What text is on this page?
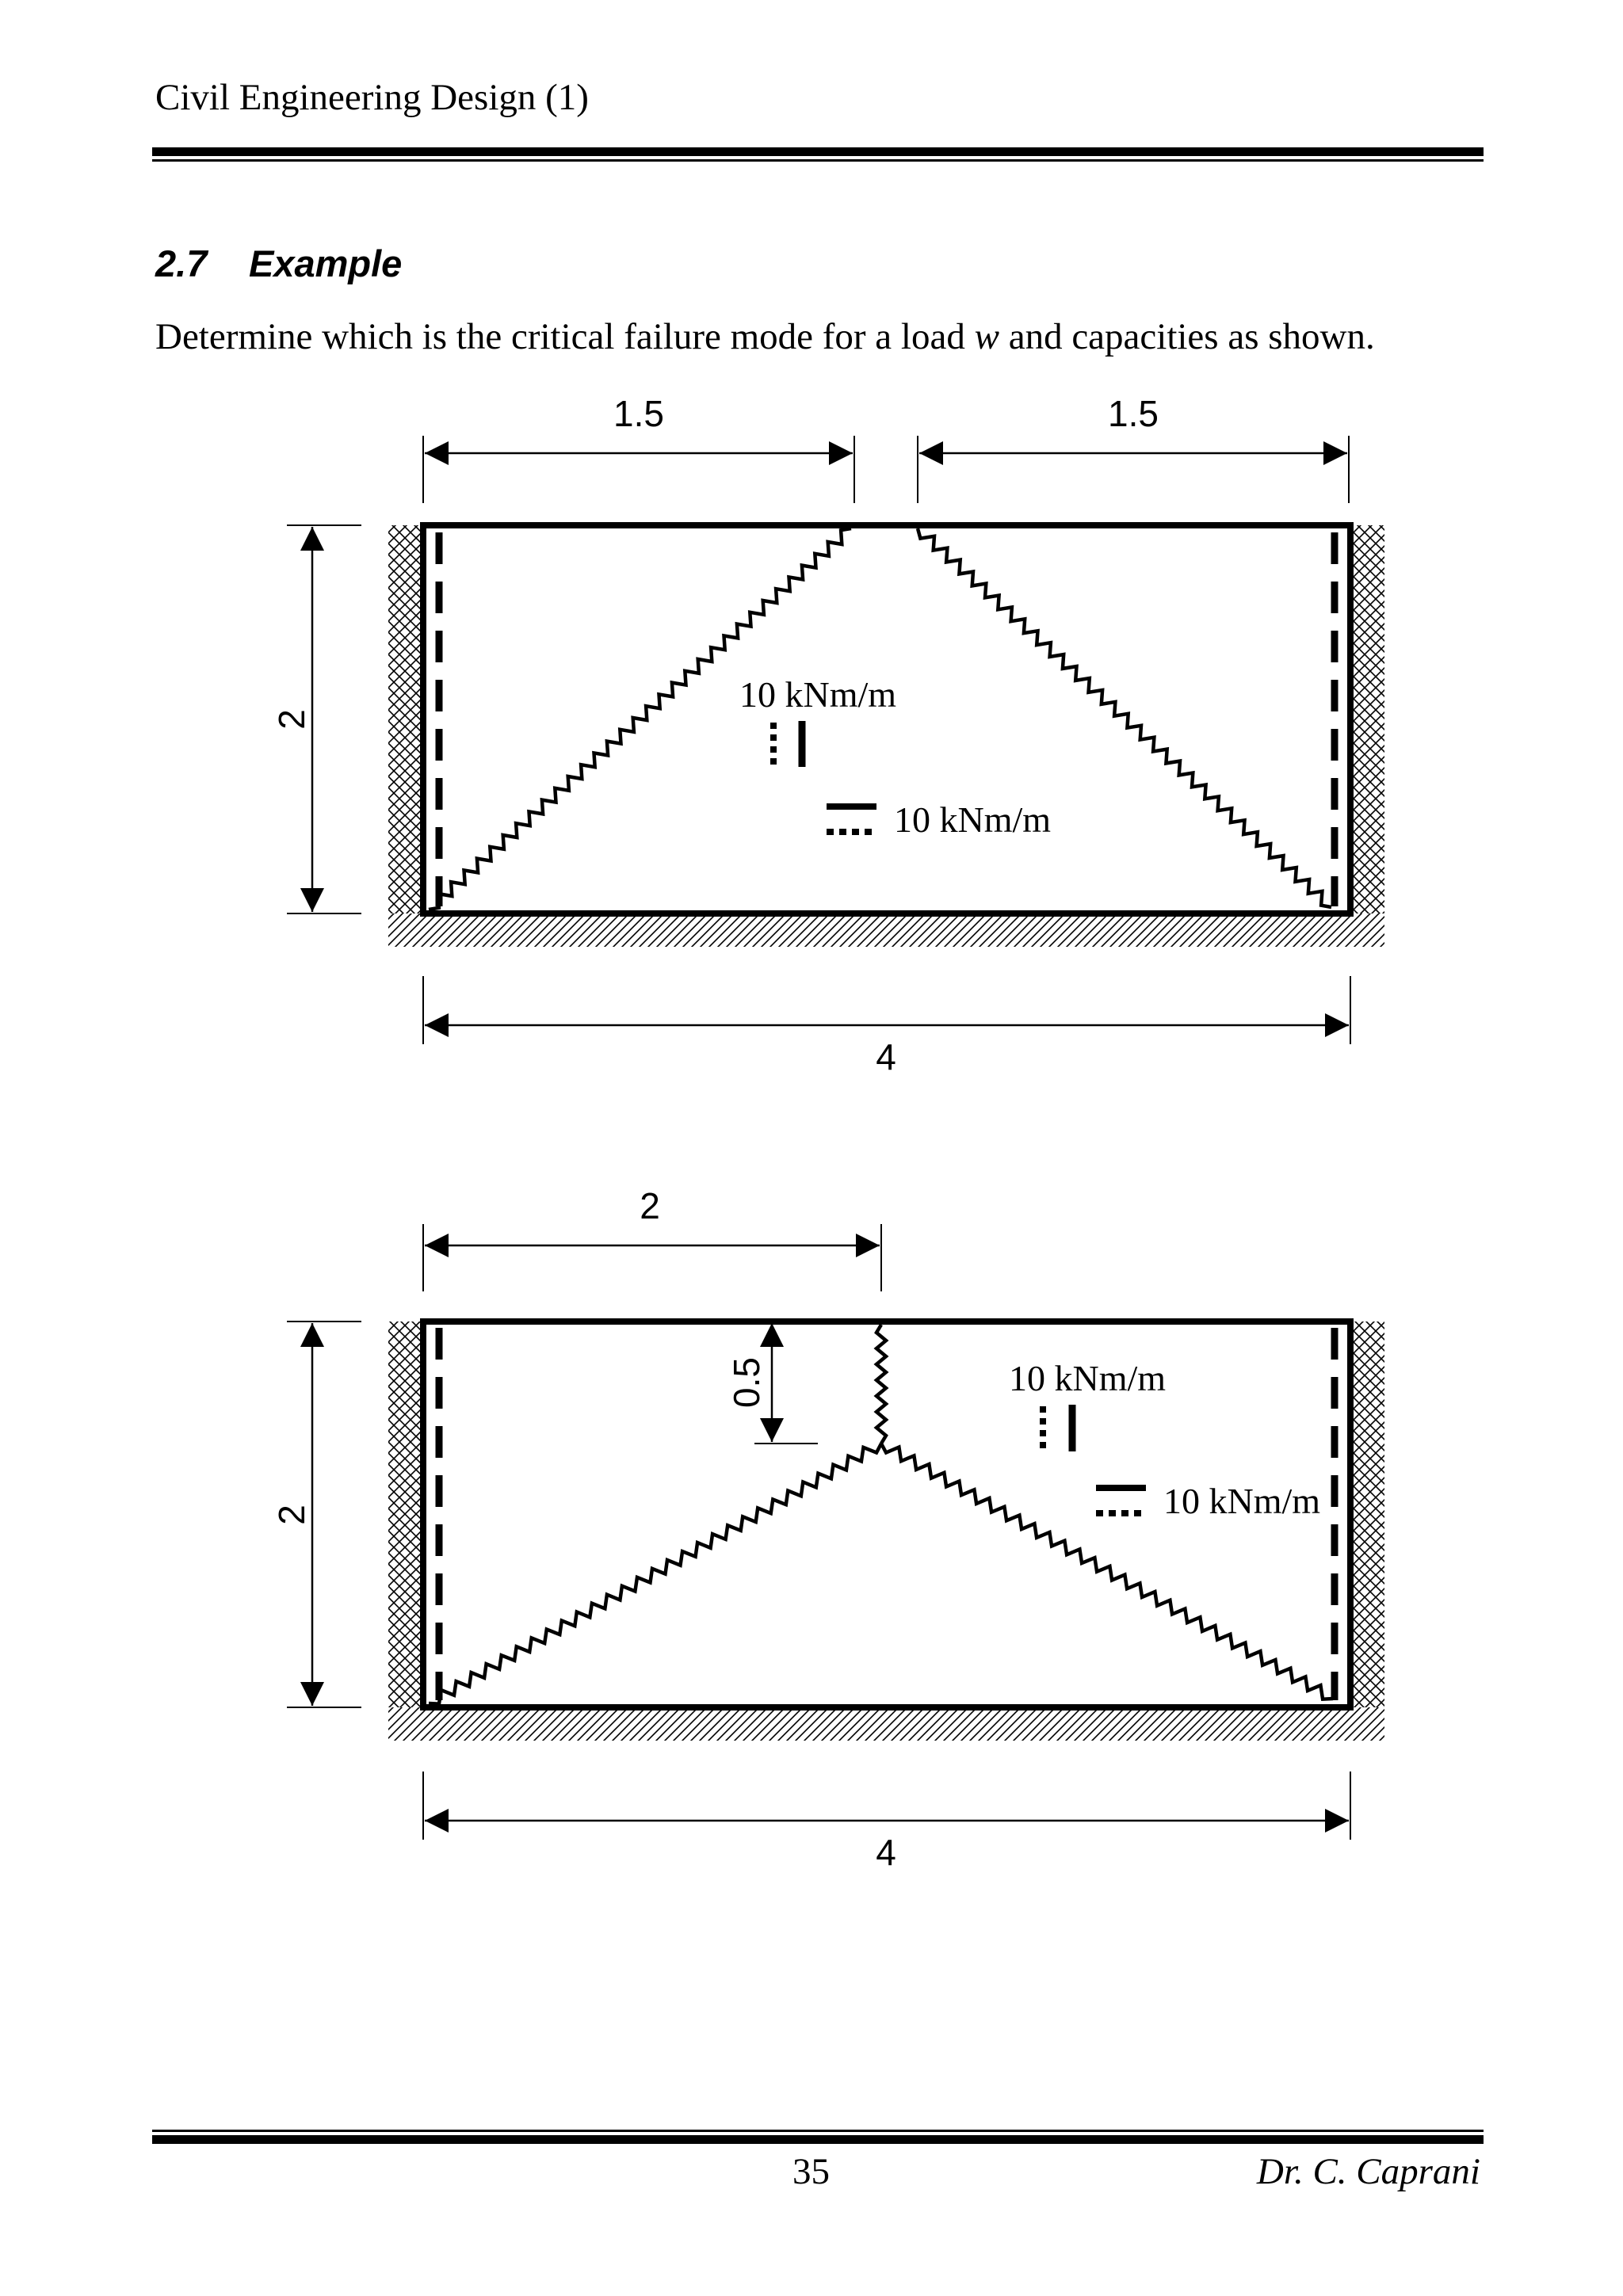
Civil Engineering Design (1)
2.7 Example
Determine which is the critical failure mode for a load w and capacities as shown.
1.5	1.5
2
4
10 kNm/m
10 kNm/m
2
0.5
2
4
10 kNm/m
10 kNm/m
35	Dr. C. Caprani
